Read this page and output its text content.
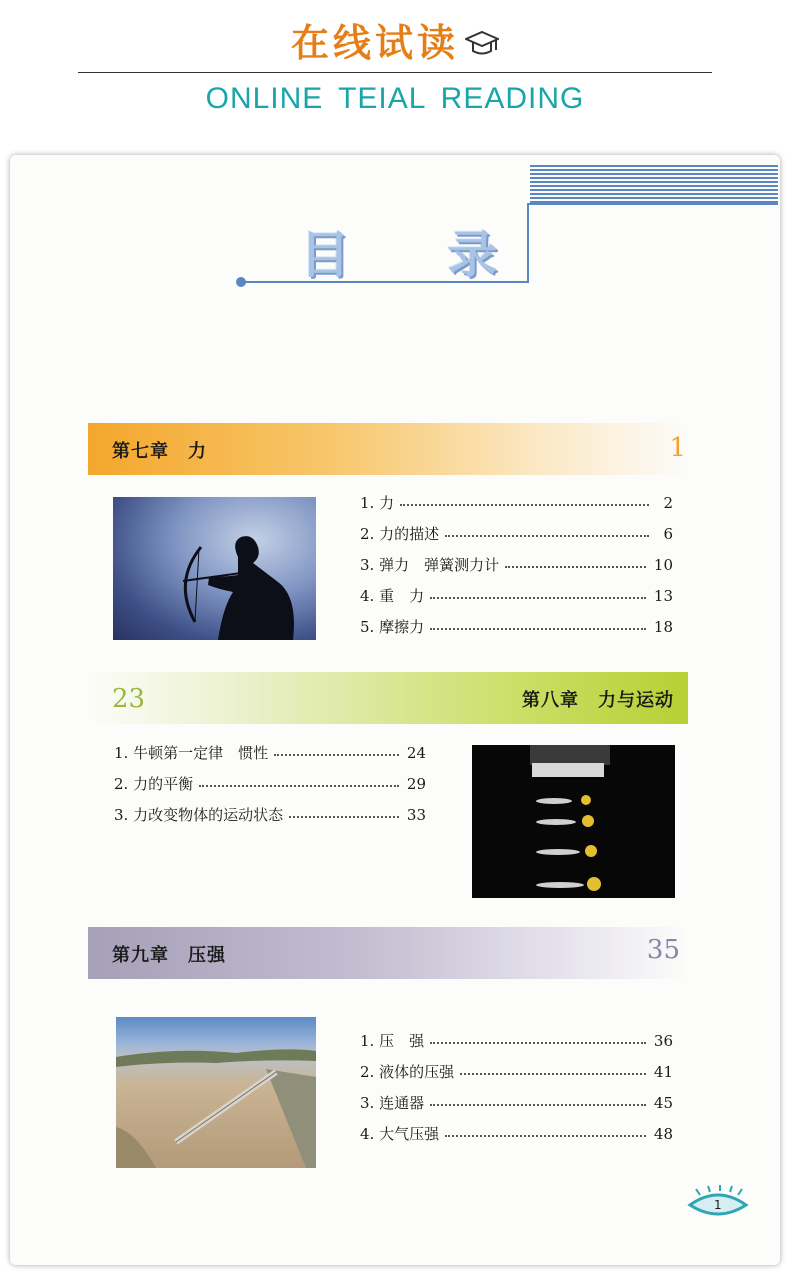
在线试读
ONLINE TEIAL READING
目 录
第七章　力	1
1. 力	2
2. 力的描述	6
3. 弹力　弹簧测力计	10
4. 重　力	13
5. 摩擦力	18
23	第八章　力与运动
1. 牛顿第一定律　惯性	24
2. 力的平衡	29
3. 力改变物体的运动状态	33
第九章　压强	35
1. 压　强	36
2. 液体的压强	41
3. 连通器	45
4. 大气压强	48
1
